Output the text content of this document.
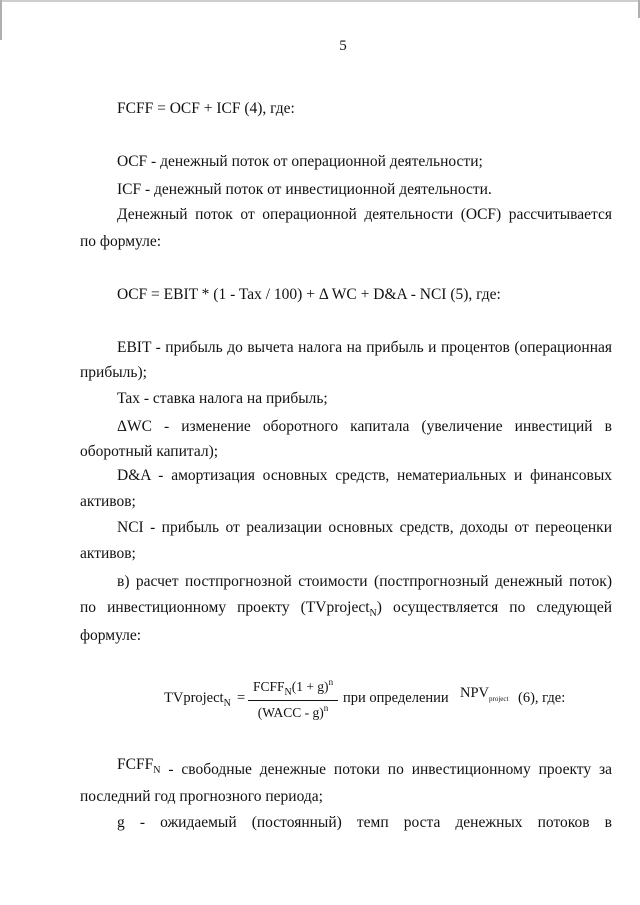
5
FCFF = OCF + ICF (4), где:
OCF - денежный поток от операционной деятельности;
ICF - денежный поток от инвестиционной деятельности.
Денежный поток от операционной деятельности (OCF) рассчитывается
по формуле:
OCF = EBIT * (1 - Tax / 100) + Δ WC + D&A - NCI (5), где:
EBIT - прибыль до вычета налога на прибыль и процентов (операционная
прибыль);
Tax - ставка налога на прибыль;
ΔWC - изменение оборотного капитала (увеличение инвестиций в
оборотный капитал);
D&A - амортизация основных средств, нематериальных и финансовых
активов;
NCI - прибыль от реализации основных средств, доходы от переоценки
активов;
в) расчет постпрогнозной стоимости (постпрогнозный денежный поток)
по инвестиционному проекту (TVproject$_N$) осуществляется по следующей
формуле:
TVproject$_N$ =
$FCFF_N(1 + g)^n$
(WACC - g)$^n$
при определении $NPV_{project}$ (6), где:
FCFFN - свободные денежные потоки по инвестиционному проекту за
последний год прогнозного периода;
g - ожидаемый (постоянный) темп роста денежных потоков в
